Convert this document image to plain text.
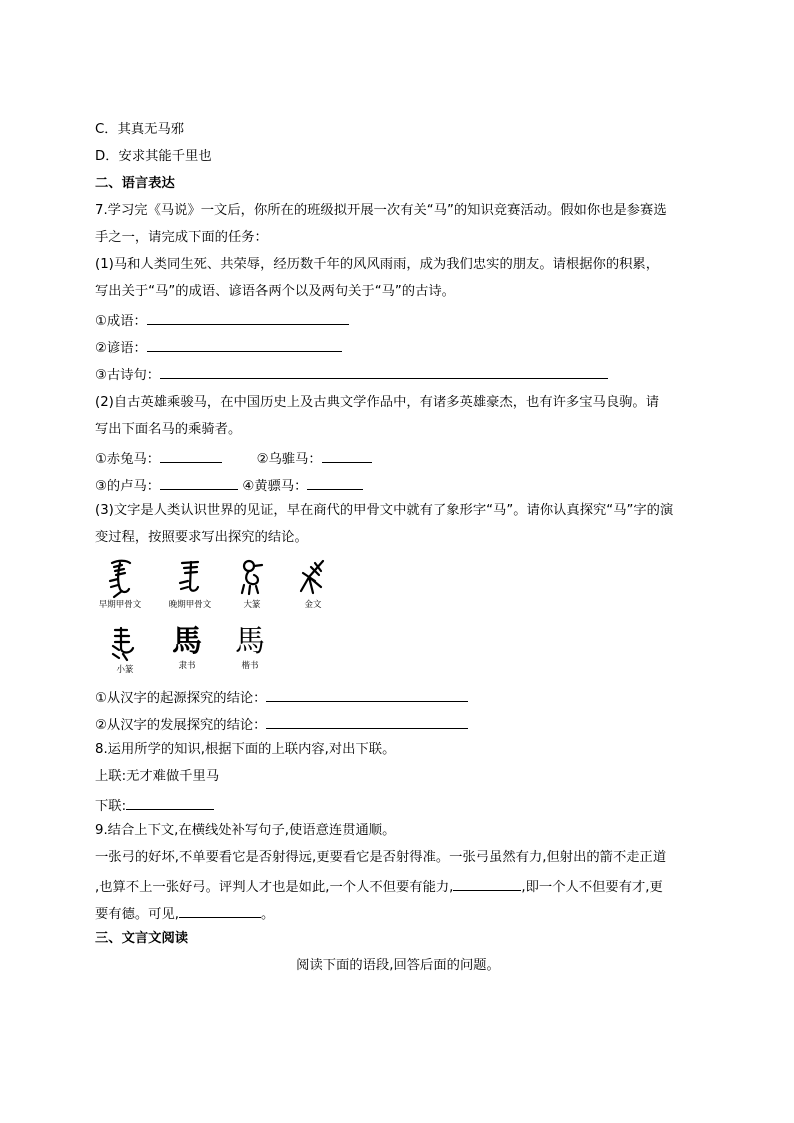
C．其真无马邪
D．安求其能千里也
二、语言表达
7.学习完《马说》一文后，你所在的班级拟开展一次有关“马”的知识竞赛活动。假如你也是参赛选
手之一，请完成下面的任务：
(1)马和人类同生死、共荣辱，经历数千年的风风雨雨，成为我们忠实的朋友。请根据你的积累，
写出关于“马”的成语、谚语各两个以及两句关于“马”的古诗。
①成语：
②谚语：
③古诗句：
(2)自古英雄乘骏马，在中国历史上及古典文学作品中，有诸多英雄豪杰，也有许多宝马良驹。请
写出下面名马的乘骑者。
①赤兔马：	②乌骓马：
③的卢马：	④黄骠马：
(3)文字是人类认识世界的见证，早在商代的甲骨文中就有了象形字“马”。请你认真探究“马”字的演
变过程，按照要求写出探究的结论。
早期甲骨文	晚期甲骨文	大篆	金文
小篆
馬
隶书
馬
楷书
①从汉字的起源探究的结论：
②从汉字的发展探究的结论：
8.运用所学的知识,根据下面的上联内容,对出下联。
上联:无才难做千里马
下联:
9.结合上下文,在横线处补写句子,使语意连贯通顺。
一张弓的好坏,不单要看它是否射得远,更要看它是否射得准。一张弓虽然有力,但射出的箭不走正道
,也算不上一张好弓。评判人才也是如此,一个人不但要有能力,	,即一个人不但要有才,更
要有德。可见,	。
三、文言文阅读
阅读下面的语段,回答后面的问题。
